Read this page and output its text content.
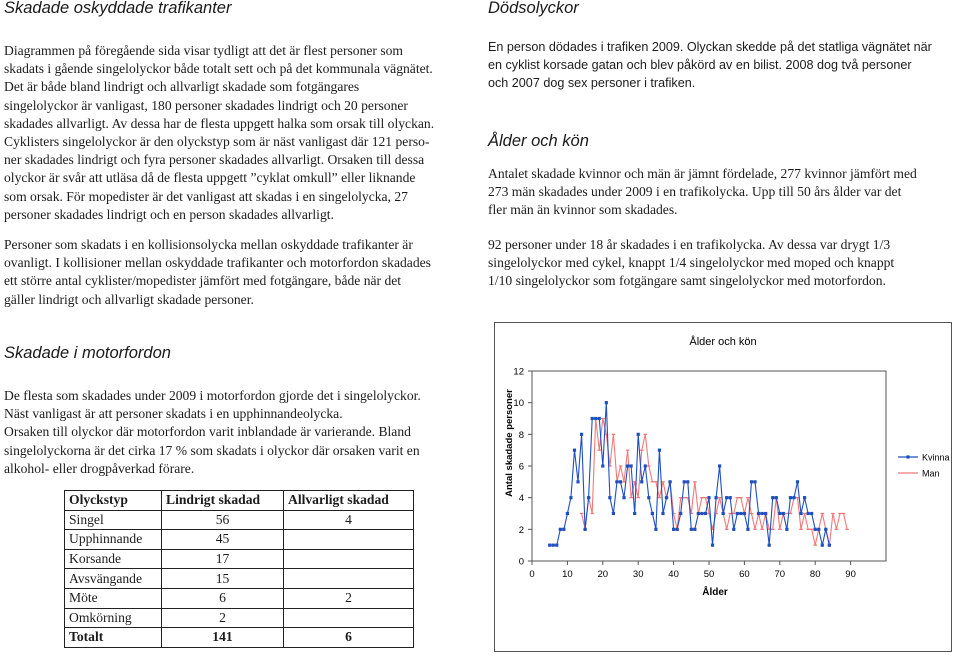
Skadade oskyddade trafikanter
Diagrammen på föregående sida visar tydligt att det är flest personer som
skadats i gående singelolyckor både totalt sett och på det kommunala vägnätet.
Det är både bland lindrigt och allvarligt skadade som fotgängares
singelolyckor är vanligast, 180 personer skadades lindrigt och 20 personer
skadades allvarligt. Av dessa har de flesta uppgett halka som orsak till olyckan.
Cyklisters singelolyckor är den olyckstyp som är näst vanligast där 121 perso-
ner skadades lindrigt och fyra personer skadades allvarligt. Orsaken till dessa
olyckor är svår att utläsa då de flesta uppgett ”cyklat omkull” eller liknande
som orsak. För mopedister är det vanligast att skadas i en singelolycka, 27
personer skadades lindrigt och en person skadades allvarligt.
Personer som skadats i en kollisionsolycka mellan oskyddade trafikanter är
ovanligt. I kollisioner mellan oskyddade trafikanter och motorfordon skadades
ett större antal cyklister/mopedister jämfört med fotgängare, både när det
gäller lindrigt och allvarligt skadade personer.
Skadade i motorfordon
De flesta som skadades under 2009 i motorfordon gjorde det i singelolyckor.
Näst vanligast är att personer skadats i en upphinnandeolycka.
Orsaken till olyckor där motorfordon varit inblandade är varierande. Bland
singelolyckorna är det cirka 17 % som skadats i olyckor där orsaken varit en
alkohol- eller drogpåverkad förare.
Olyckstyp	Lindrigt skadad	Allvarligt skadad
Singel	56	4
Upphinnande	45	
Korsande	17	
Avsvängande	15	
Möte	6	2
Omkörning	2	
Totalt	141	6
Dödsolyckor
En person dödades i trafiken 2009. Olyckan skedde på det statliga vägnätet när
en cyklist korsade gatan och blev påkörd av en bilist. 2008 dog två personer
och 2007 dog sex personer i trafiken.
Ålder och kön
Antalet skadade kvinnor och män är jämnt fördelade, 277 kvinnor jämfört med
273 män skadades under 2009 i en trafikolycka. Upp till 50 års ålder var det
fler män än kvinnor som skadades.
92 personer under 18 år skadades i en trafikolycka. Av dessa var drygt 1/3
singelolyckor med cykel, knappt 1/4 singelolyckor med moped och knappt
1/10 singelolyckor som fotgängare samt singelolyckor med motorfordon.
Ålder och kön
Antal skadade personer
Ålder
0
2
4
6
8
10
12
0	10	20	30	40	50	60	70	80	90
Kvinna
Man
